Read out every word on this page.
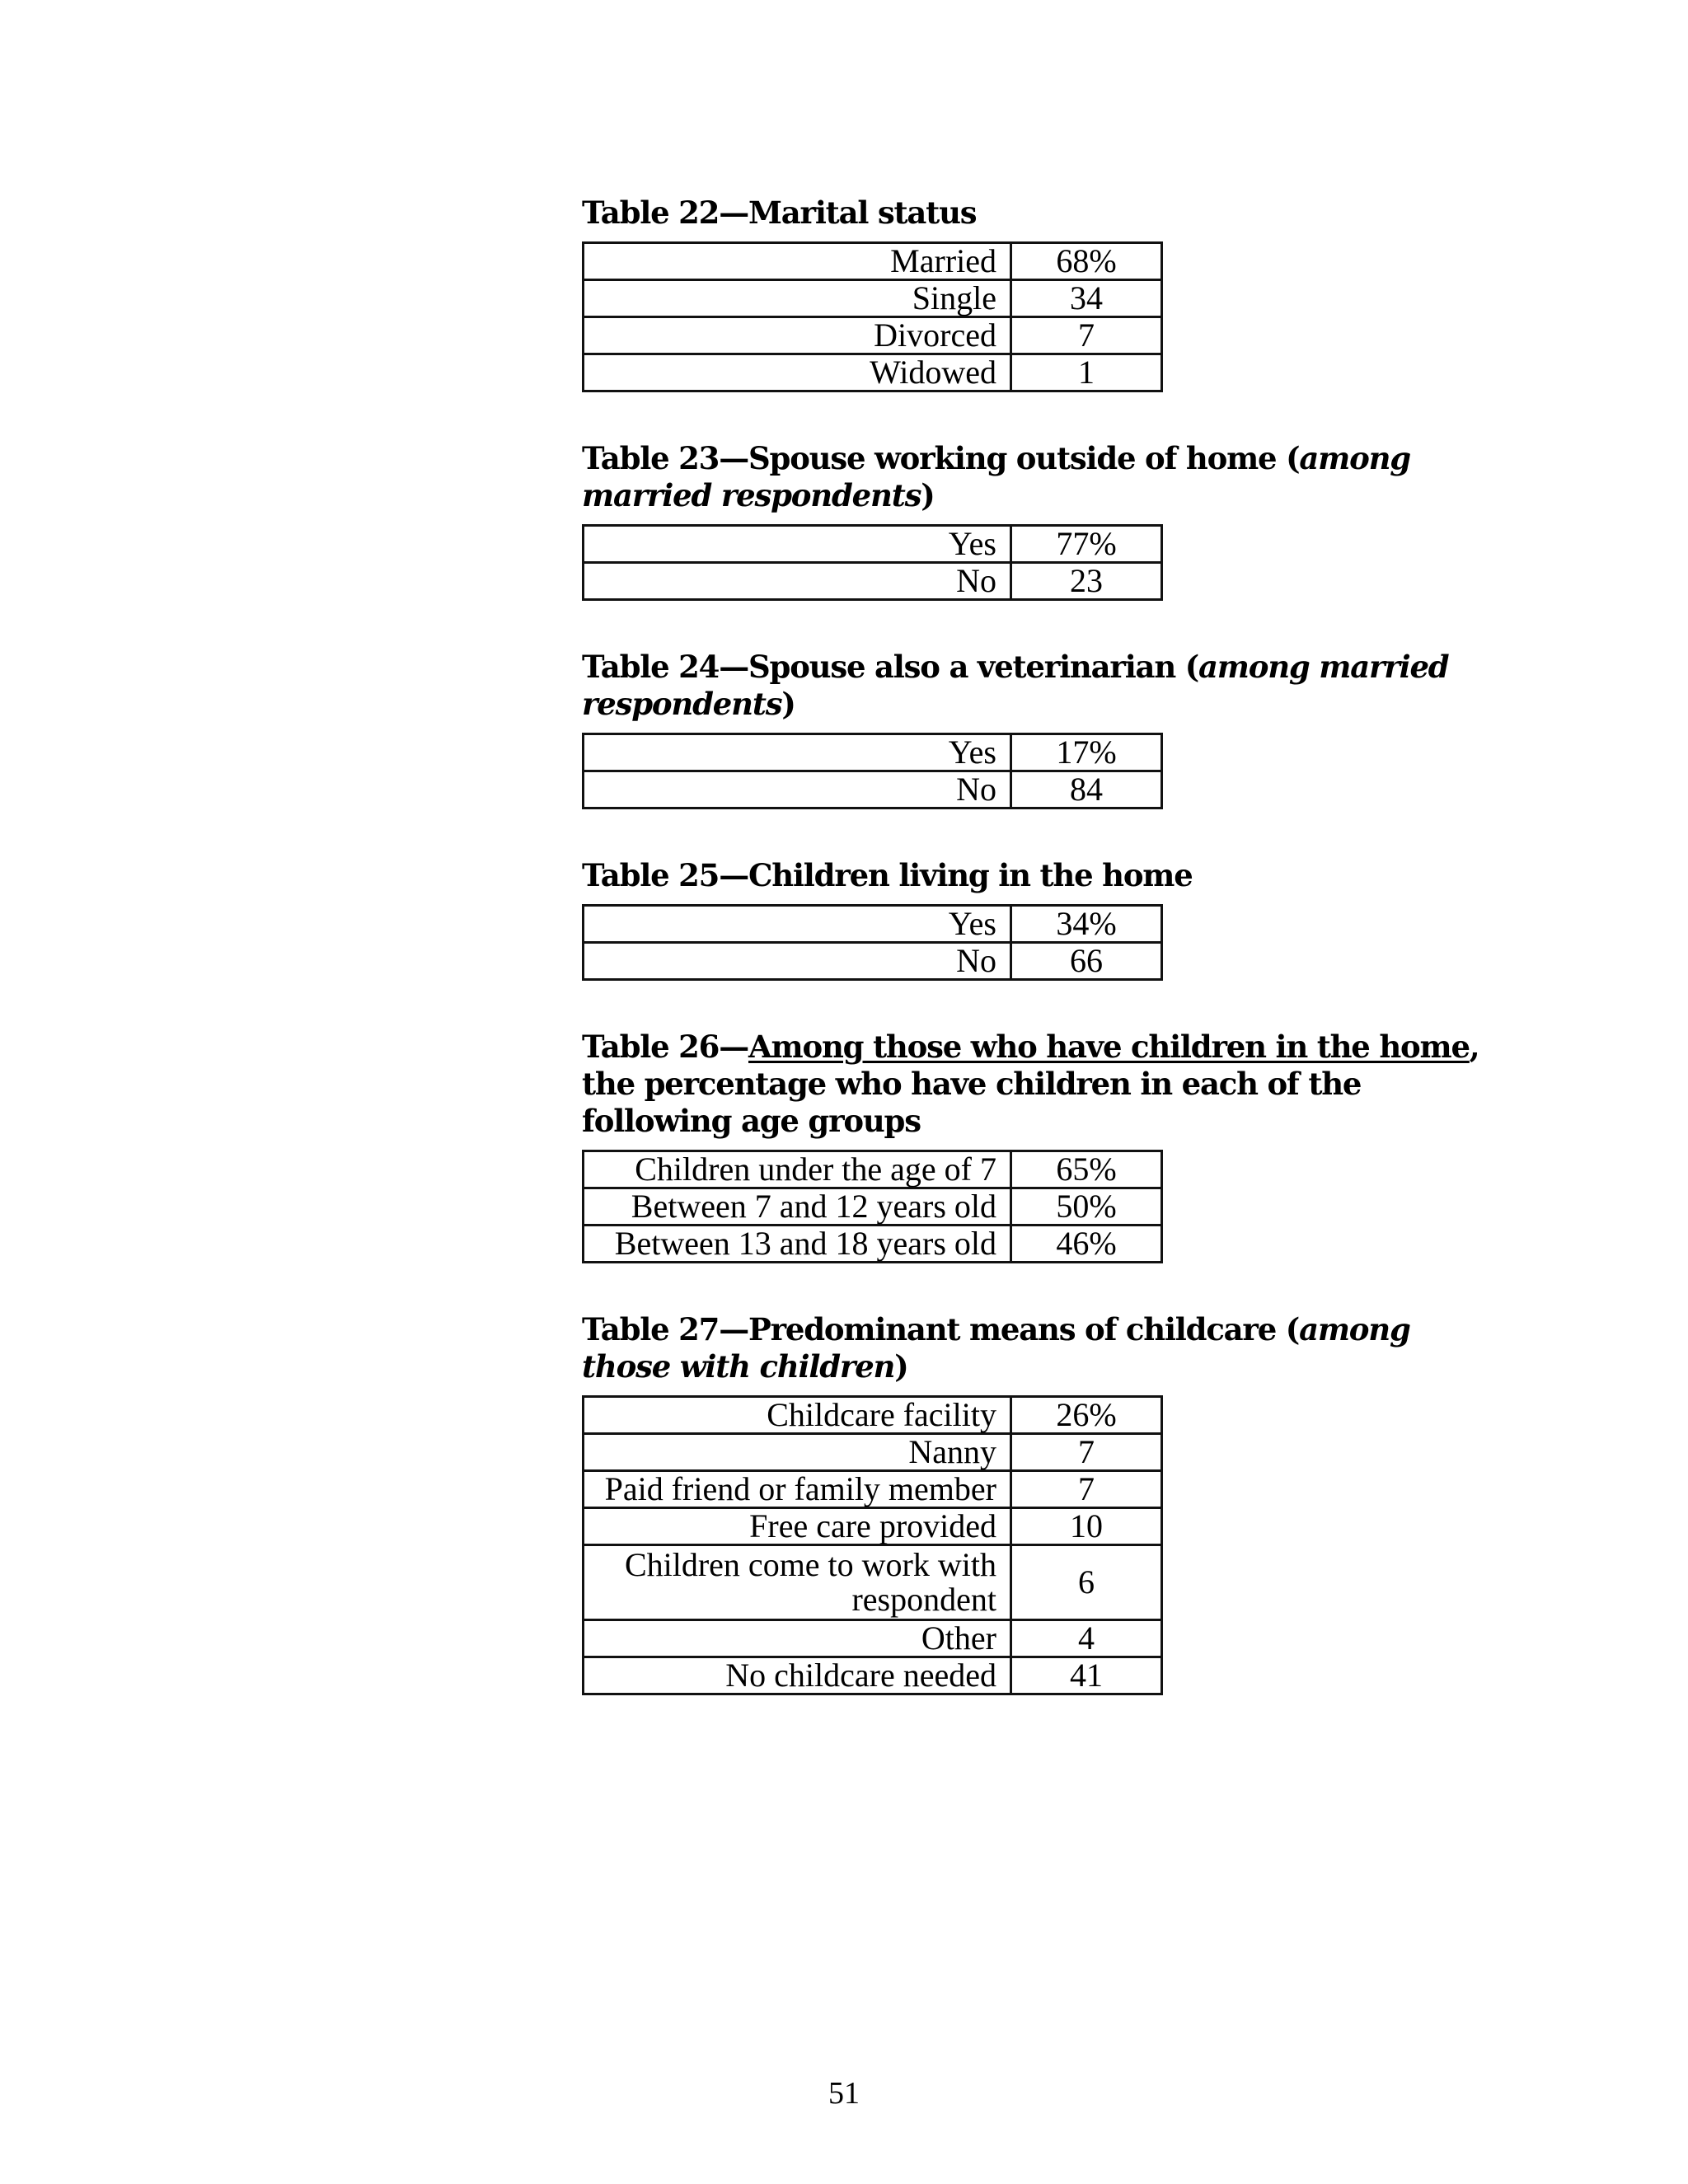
Table 22—Marital status
Married	68%
Single	34
Divorced	7
Widowed	1
Table 23—Spouse working outside of home (among married respondents)
Yes	77%
No	23
Table 24—Spouse also a veterinarian (among married respondents)
Yes	17%
No	84
Table 25—Children living in the home
Yes	34%
No	66
Table 26—Among those who have children in the home, the percentage who have children in each of the following age groups
Children under the age of 7	65%
Between 7 and 12 years old	50%
Between 13 and 18 years old	46%
Table 27—Predominant means of childcare (among those with children)
Childcare facility	26%
Nanny	7
Paid friend or family member	7
Free care provided	10
Children come to work with respondent	6
Other	4
No childcare needed	41
51
